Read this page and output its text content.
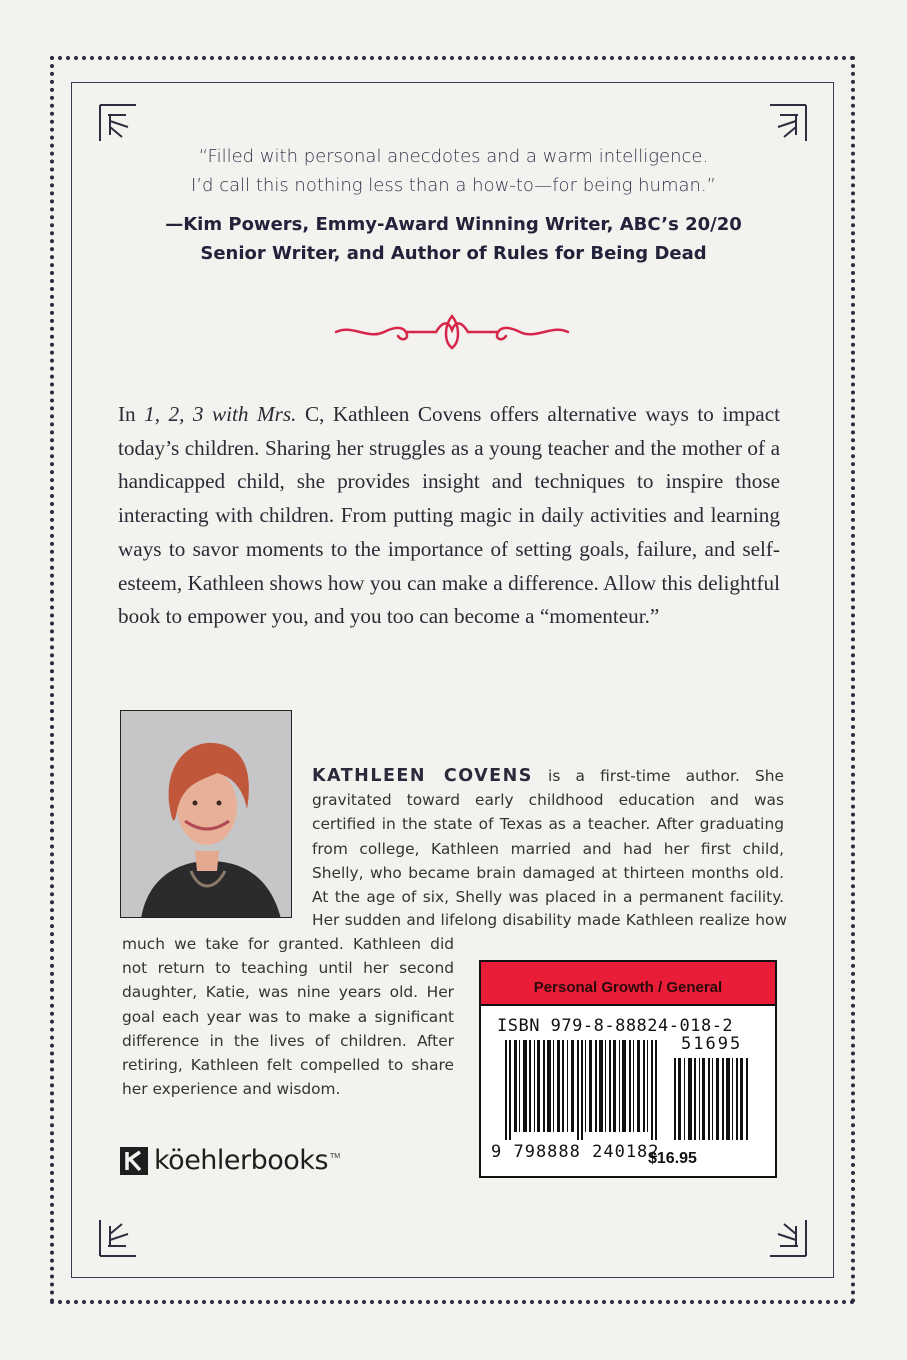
“Filled with personal anecdotes and a warm intelligence.
I’d call this nothing less than a how-to—for being human.”
—Kim Powers, Emmy-Award Winning Writer, ABC’s 20/20
Senior Writer, and Author of Rules for Being Dead
In 1, 2, 3 with Mrs. C, Kathleen Covens offers alternative ways to impact today’s children. Sharing her struggles as a young teacher and the mother of a handicapped child, she provides insight and techniques to inspire those interacting with children. From putting magic in daily activities and learning ways to savor moments to the importance of setting goals, failure, and self-esteem, Kathleen shows how you can make a difference. Allow this delightful book to empower you, and you too can become a “momenteur.”
KATHLEEN COVENS is a first-time author. She gravitated toward early childhood education and was certified in the state of Texas as a teacher. After graduating from college, Kathleen married and had her first child, Shelly, who became brain damaged at thirteen months old. At the age of six, Shelly was placed in a permanent facility.
Her sudden and lifelong disability made Kathleen realize how
much we take for granted. Kathleen did not return to teaching until her second daughter, Katie, was nine years old. Her goal each year was to make a significant difference in the lives of children. After retiring, Kathleen felt compelled to share her experience and wisdom.
Personal Growth / General
ISBN 979-8-88824-018-2
51695
9 798888 240182
$16.95
köehlerbooks TM
